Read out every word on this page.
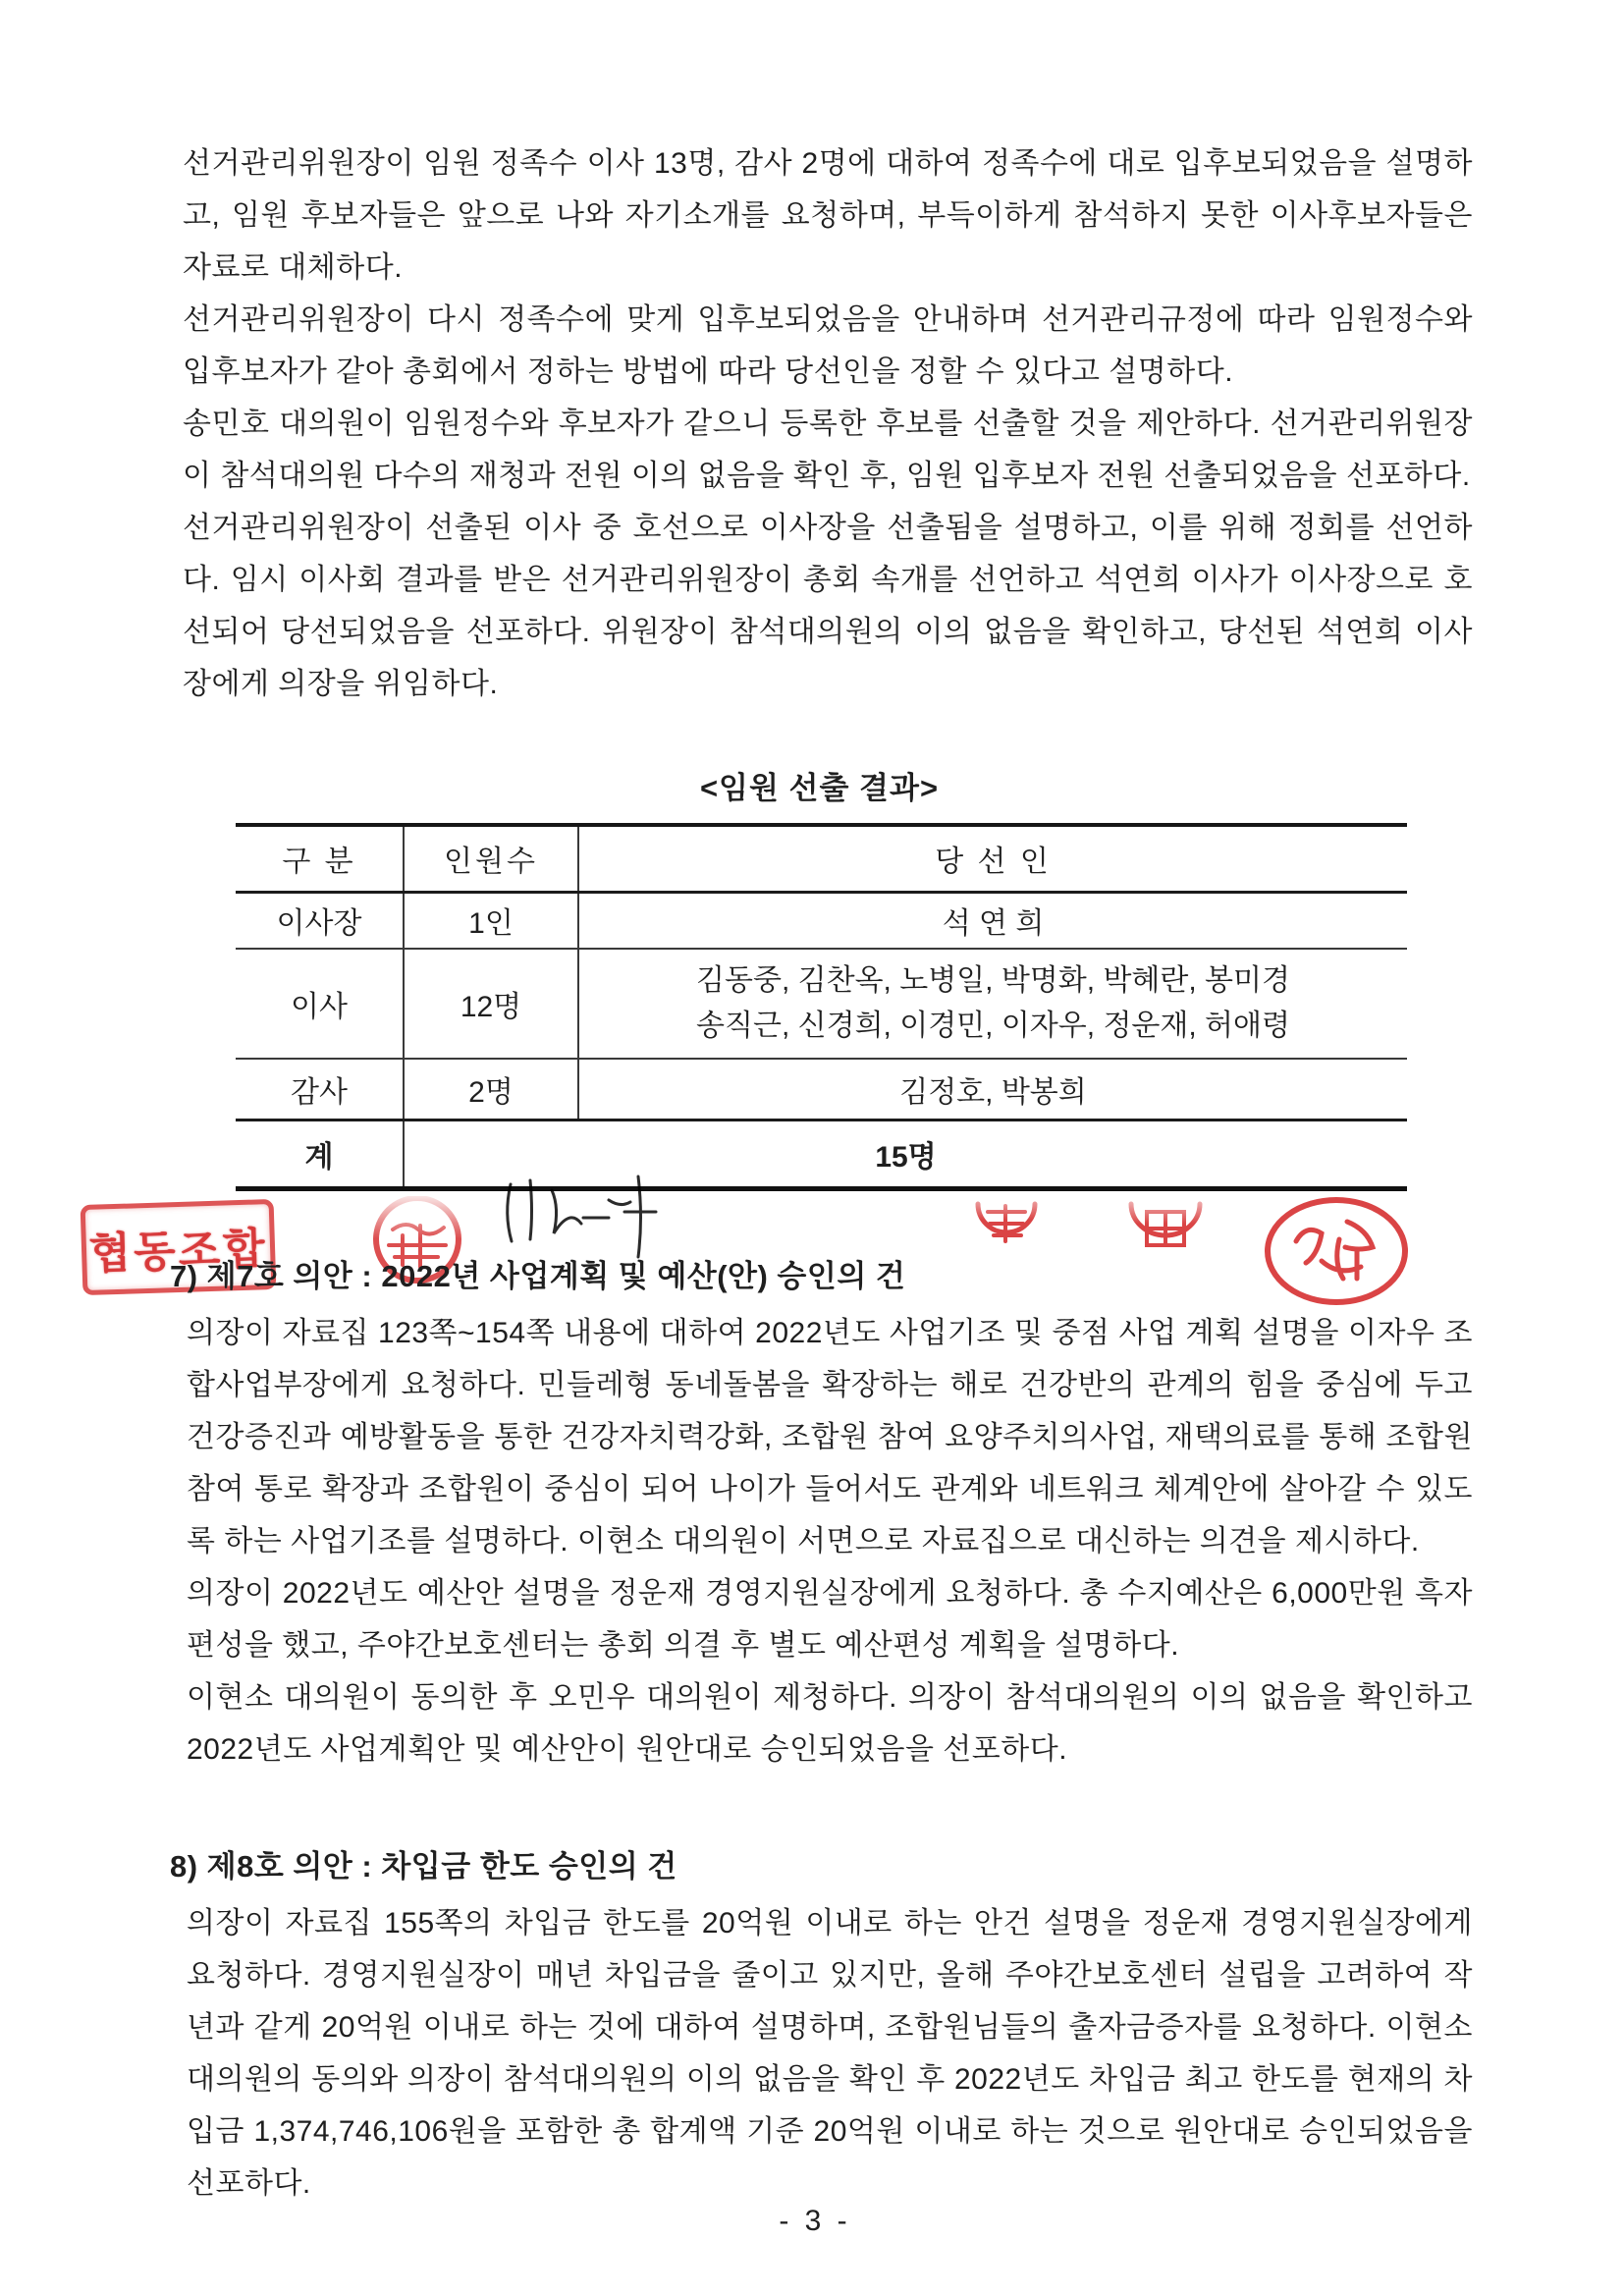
선거관리위원장이 임원 정족수 이사 13명, 감사 2명에 대하여 정족수에 대로 입후보되었음을 설명하고, 임원 후보자들은 앞으로 나와 자기소개를 요청하며, 부득이하게 참석하지 못한 이사후보자들은 자료로 대체하다.

선거관리위원장이 다시 정족수에 맞게 입후보되었음을 안내하며 선거관리규정에 따라 임원정수와 입후보자가 같아 총회에서 정하는 방법에 따라 당선인을 정할 수 있다고 설명하다.

송민호 대의원이 임원정수와 후보자가 같으니 등록한 후보를 선출할 것을 제안하다. 선거관리위원장이 참석대의원 다수의 재청과 전원 이의 없음을 확인 후, 임원 입후보자 전원 선출되었음을 선포하다.

선거관리위원장이 선출된 이사 중 호선으로 이사장을 선출됨을 설명하고, 이를 위해 정회를 선언하다. 임시 이사회 결과를 받은 선거관리위원장이 총회 속개를 선언하고 석연희 이사가 이사장으로 호선되어 당선되었음을 선포하다. 위원장이 참석대의원의 이의 없음을 확인하고, 당선된 석연희 이사장에게 의장을 위임하다.

<임원 선출 결과>
구 분	인원수	당 선 인
이사장	1인	석 연 희
이사	12명	김동중, 김찬옥, 노병일, 박명화, 박혜란, 봉미경
송직근, 신경희, 이경민, 이자우, 정운재, 허애령

감사	2명	김정호, 박봉희
계	15명	
협동조합
7) 제7호 의안 : 2022년 사업계획 및 예산(안) 승인의 건

의장이 자료집 123쪽~154쪽 내용에 대하여 2022년도 사업기조 및 중점 사업 계획 설명을 이자우 조합사업부장에게 요청하다. 민들레형 동네돌봄을 확장하는 해로 건강반의 관계의 힘을 중심에 두고 건강증진과 예방활동을 통한 건강자치력강화, 조합원 참여 요양주치의사업, 재택의료를 통해 조합원 참여 통로 확장과 조합원이 중심이 되어 나이가 들어서도 관계와 네트워크 체계안에 살아갈 수 있도록 하는 사업기조를 설명하다. 이현소 대의원이 서면으로 자료집으로 대신하는 의견을 제시하다.

의장이 2022년도 예산안 설명을 정운재 경영지원실장에게 요청하다. 총 수지예산은 6,000만원 흑자 편성을 했고, 주야간보호센터는 총회 의결 후 별도 예산편성 계획을 설명하다.

이현소 대의원이 동의한 후 오민우 대의원이 제청하다. 의장이 참석대의원의 이의 없음을 확인하고 2022년도 사업계획안 및 예산안이 원안대로 승인되었음을 선포하다.

8) 제8호 의안 : 차입금 한도 승인의 건

의장이 자료집 155쪽의 차입금 한도를 20억원 이내로 하는 안건 설명을 정운재 경영지원실장에게 요청하다. 경영지원실장이 매년 차입금을 줄이고 있지만, 올해 주야간보호센터 설립을 고려하여 작년과 같게 20억원 이내로 하는 것에 대하여 설명하며, 조합원님들의 출자금증자를 요청하다. 이현소 대의원의 동의와 의장이 참석대의원의 이의 없음을 확인 후 2022년도 차입금 최고 한도를 현재의 차입금 1,374,746,106원을 포함한 총 합계액 기준 20억원 이내로 하는 것으로 원안대로 승인되었음을 선포하다.

- 3 -
